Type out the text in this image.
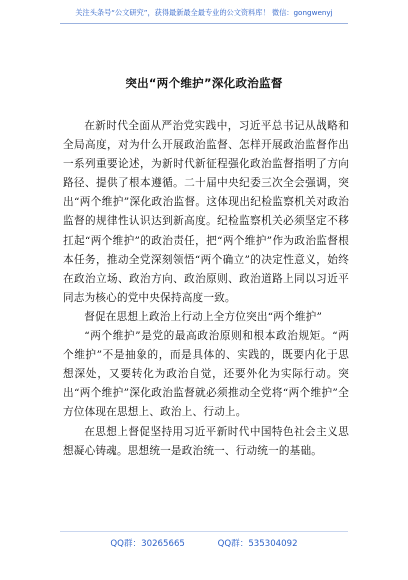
关注头条号“公文研究”，获得最新最全最专业的公文资料库！ 微信：gongwenyj
突出“两个维护”深化政治监督

在新时代全面从严治党实践中，习近平总书记从战略和全局高度，对为什么开展政治监督、怎样开展政治监督作出一系列重要论述，为新时代新征程强化政治监督指明了方向路径、提供了根本遵循。二十届中央纪委三次全会强调，突出“两个维护”深化政治监督。这体现出纪检监察机关对政治监督的规律性认识达到新高度。纪检监察机关必须坚定不移扛起“两个维护”的政治责任，把“两个维护”作为政治监督根本任务，推动全党深刻领悟“两个确立”的决定性意义，始终在政治立场、政治方向、政治原则、政治道路上同以习近平同志为核心的党中央保持高度一致。

督促在思想上政治上行动上全方位突出“两个维护”

“两个维护”是党的最高政治原则和根本政治规矩。“两个维护”不是抽象的，而是具体的、实践的，既要内化于思想深处，又要转化为政治自觉，还要外化为实际行动。突出“两个维护”深化政治监督就必须推动全党将“两个维护”全方位体现在思想上、政治上、行动上。

在思想上督促坚持用习近平新时代中国特色社会主义思想凝心铸魂。思想统一是政治统一、行动统一的基础。

QQ群：30265665	QQ群：535304092
